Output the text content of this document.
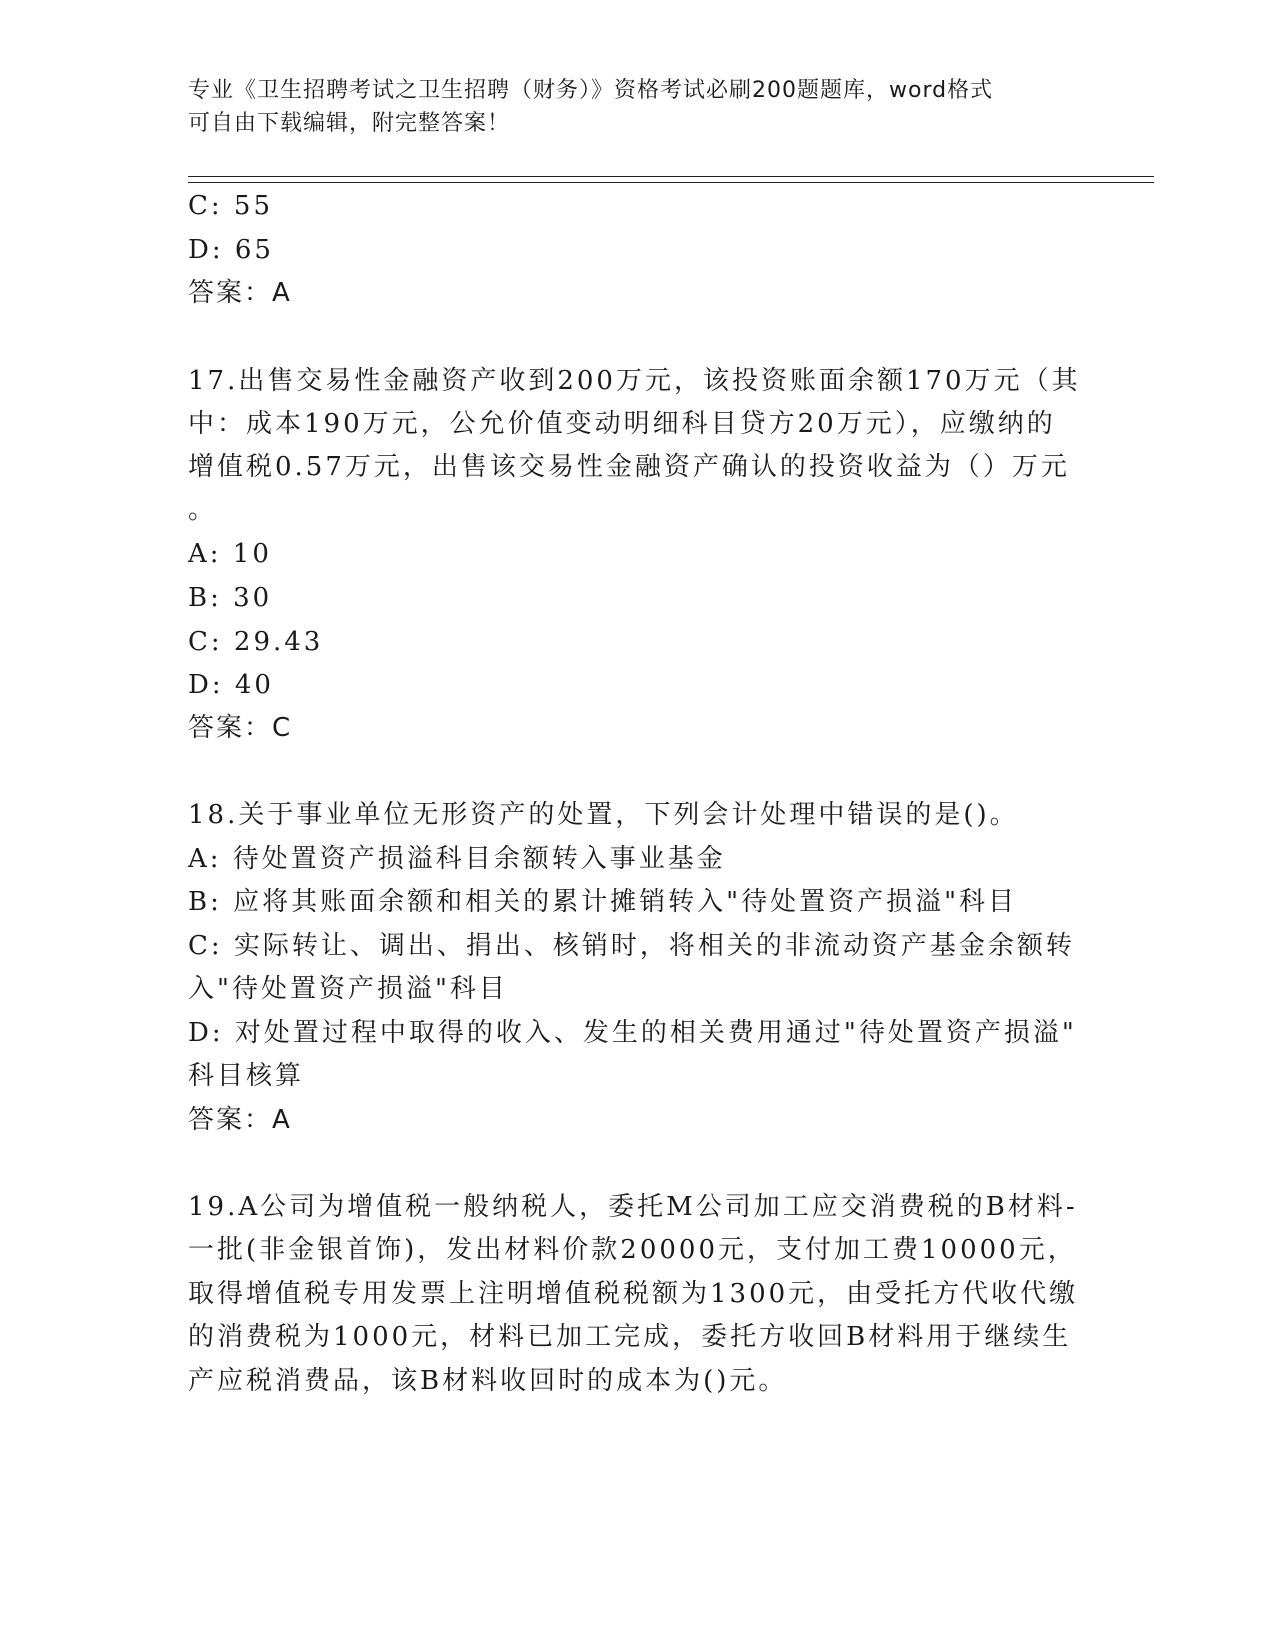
专业《卫生招聘考试之卫生招聘（财务）》资格考试必刷200题题库，word格式
可自由下载编辑，附完整答案！
C: 55
D: 65
答案：A
17.出售交易性金融资产收到200万元，该投资账面余额170万元（其
中：成本190万元，公允价值变动明细科目贷方20万元），应缴纳的
增值税0.57万元，出售该交易性金融资产确认的投资收益为（）万元
。
A: 10
B: 30
C: 29.43
D: 40
答案：C
18.关于事业单位无形资产的处置，下列会计处理中错误的是()。
A: 待处置资产损溢科目余额转入事业基金
B: 应将其账面余额和相关的累计摊销转入"待处置资产损溢"科目
C: 实际转让、调出、捐出、核销时，将相关的非流动资产基金余额转
入"待处置资产损溢"科目
D: 对处置过程中取得的收入、发生的相关费用通过"待处置资产损溢"
科目核算
答案：A
19.A公司为增值税一般纳税人，委托M公司加工应交消费税的B材料-
一批(非金银首饰)，发出材料价款20000元，支付加工费10000元，
取得增值税专用发票上注明增值税税额为1300元，由受托方代收代缴
的消费税为1000元，材料已加工完成，委托方收回B材料用于继续生
产应税消费品，该B材料收回时的成本为()元。
